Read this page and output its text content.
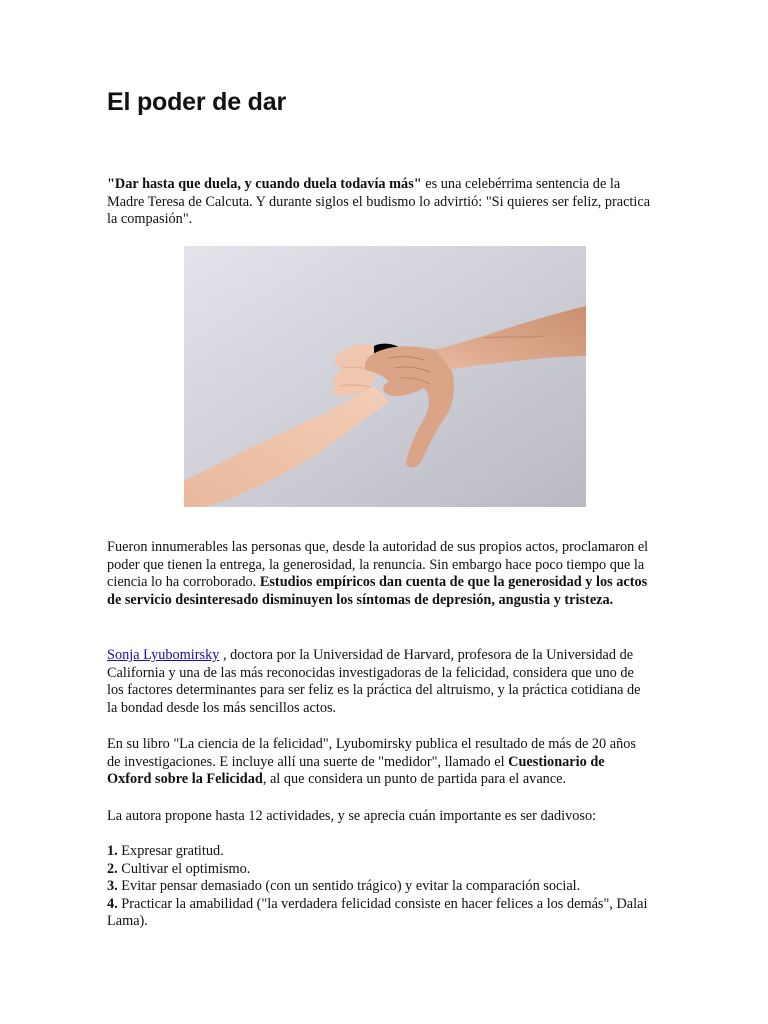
El poder de dar

"Dar hasta que duela, y cuando duela todavía más" es una celebérrima sentencia de la Madre Teresa de Calcuta. Y durante siglos el budismo lo advirtió: "Si quieres ser feliz, practica la compasión".

Fueron innumerables las personas que, desde la autoridad de sus propios actos, proclamaron el poder que tienen la entrega, la generosidad, la renuncia. Sin embargo hace poco tiempo que la ciencia lo ha corroborado. Estudios empíricos dan cuenta de que la generosidad y los actos de servicio desinteresado disminuyen los síntomas de depresión, angustia y tristeza.

Sonja Lyubomirsky , doctora por la Universidad de Harvard, profesora de la Universidad de California y una de las más reconocidas investigadoras de la felicidad, considera que uno de los factores determinantes para ser feliz es la práctica del altruismo, y la práctica cotidiana de la bondad desde los más sencillos actos.

En su libro "La ciencia de la felicidad", Lyubomirsky publica el resultado de más de 20 años de investigaciones. E incluye allí una suerte de "medidor", llamado el Cuestionario de Oxford sobre la Felicidad, al que considera un punto de partida para el avance.

La autora propone hasta 12 actividades, y se aprecia cuán importante es ser dadivoso:

1. Expresar gratitud.
2. Cultivar el optimismo.
3. Evitar pensar demasiado (con un sentido trágico) y evitar la comparación social.
4. Practicar la amabilidad ("la verdadera felicidad consiste en hacer felices a los demás", Dalai Lama).
